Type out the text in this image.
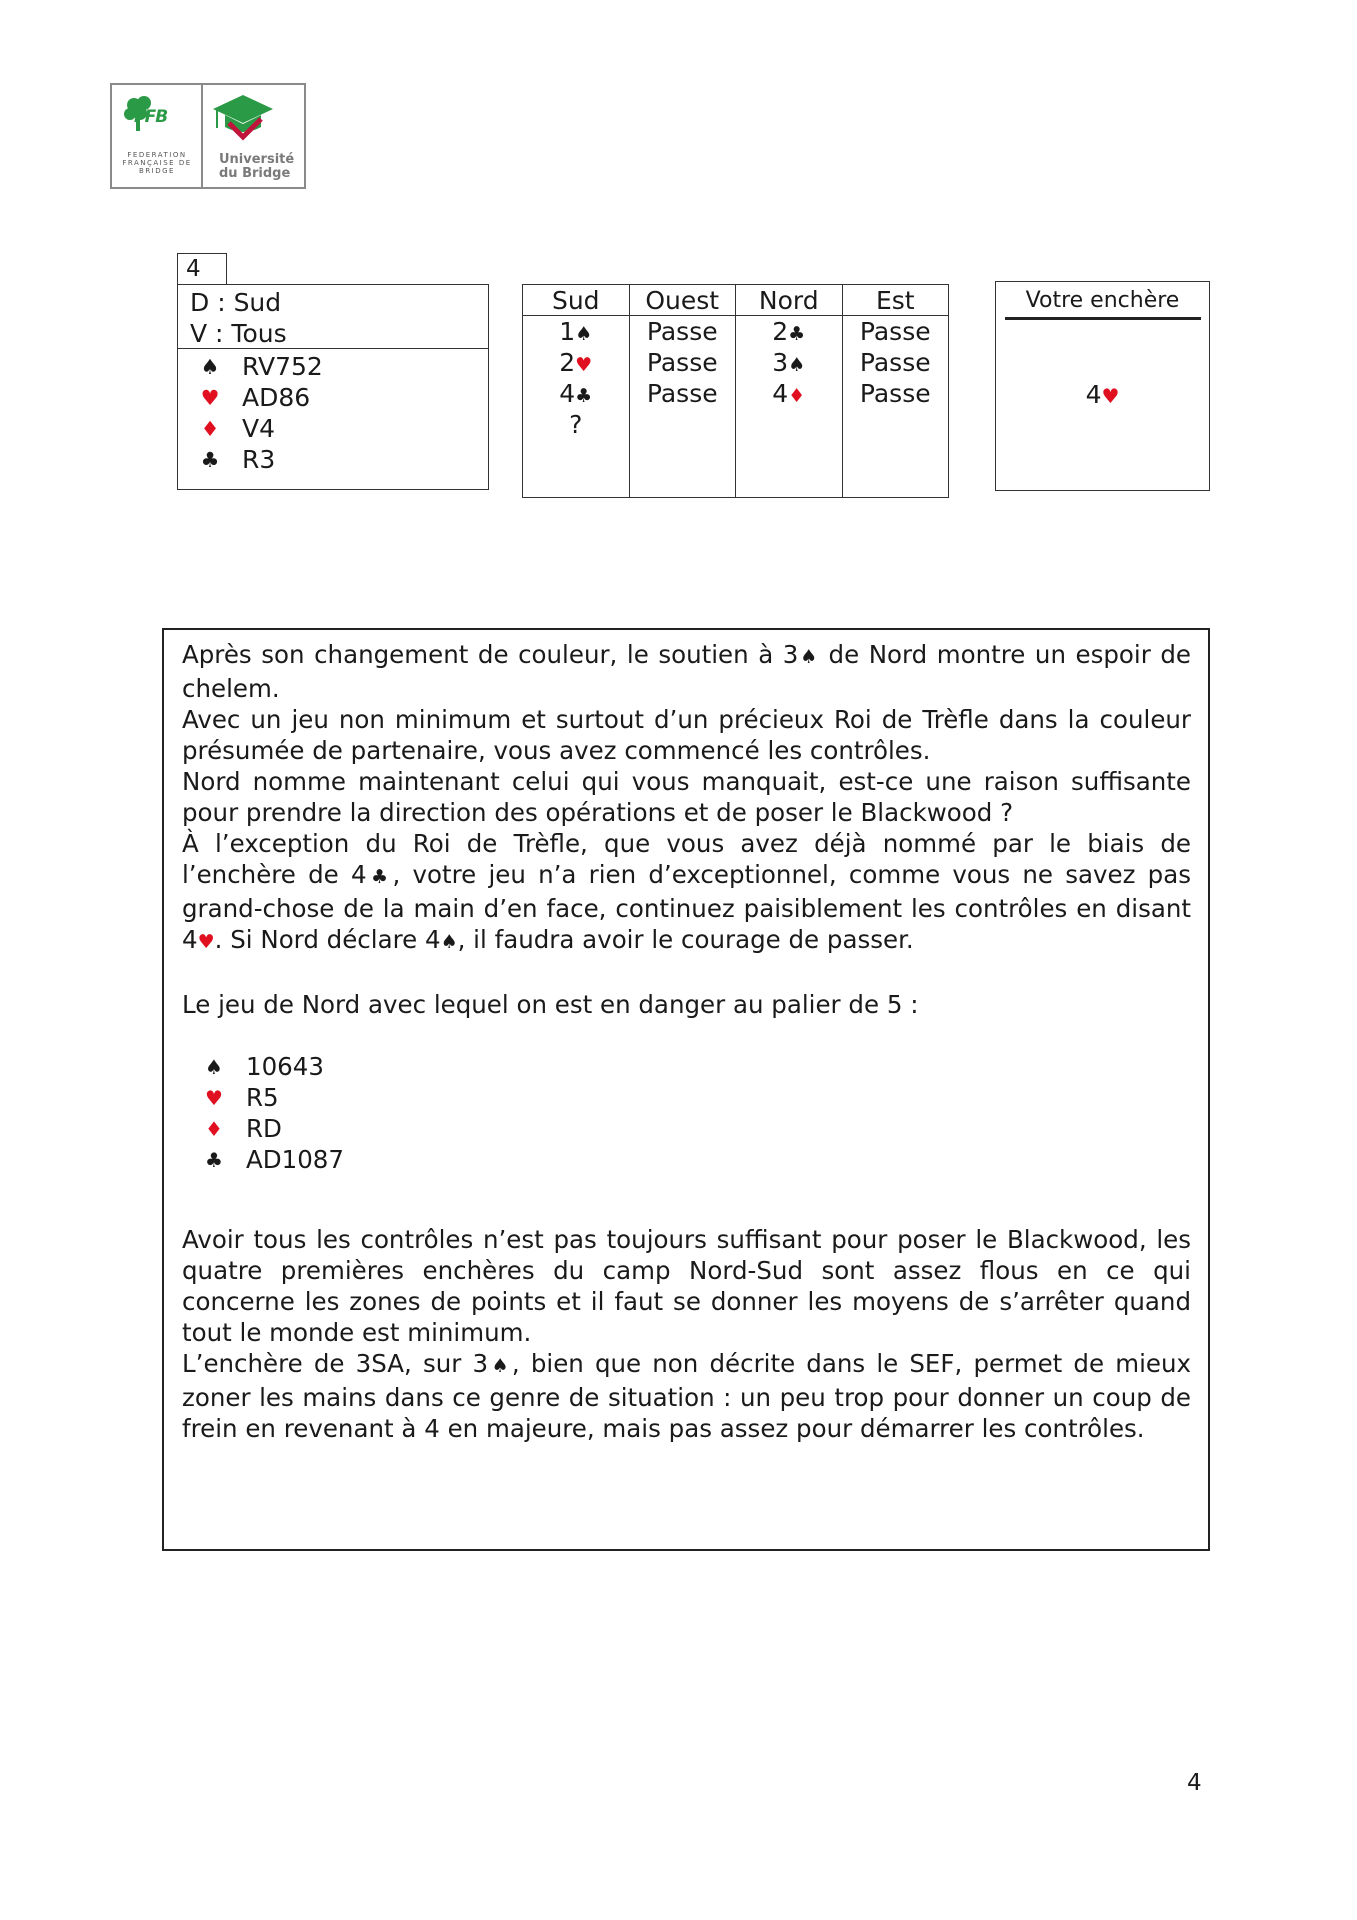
FFB
FEDERATION FRANÇAISE DE BRIDGE
Université
du Bridge
4
D : Sud
V : Tous
♠ RV752
♥ AD86
♦ V4
♣ R3
Sud
1♠
2♥
4♣
?
Ouest
Passe
Passe
Passe
Nord
2♣
3♠
4♦
Est
Passe
Passe
Passe
Votre enchère
4♥
Après son changement de couleur, le soutien à 3♠ de Nord montre un espoir de chelem.
Avec un jeu non minimum et surtout d’un précieux Roi de Trèfle dans la couleur présumée de partenaire, vous avez commencé les contrôles.
Nord nomme maintenant celui qui vous manquait, est-ce une raison suffisante pour prendre la direction des opérations et de poser le Blackwood ?
À l’exception du Roi de Trèfle, que vous avez déjà nommé par le biais de l’enchère de 4♣, votre jeu n’a rien d’exceptionnel, comme vous ne savez pas grand-chose de la main d’en face, continuez paisiblement les contrôles en disant 4♥. Si Nord déclare 4♠, il faudra avoir le courage de passer.
Le jeu de Nord avec lequel on est en danger au palier de 5 :
♠ 10643
♥ R5
♦ RD
♣ AD1087
Avoir tous les contrôles n’est pas toujours suffisant pour poser le Blackwood, les quatre premières enchères du camp Nord-Sud sont assez flous en ce qui concerne les zones de points et il faut se donner les moyens de s’arrêter quand tout le monde est minimum.
L’enchère de 3SA, sur 3♠, bien que non décrite dans le SEF, permet de mieux zoner les mains dans ce genre de situation : un peu trop pour donner un coup de frein en revenant à 4 en majeure, mais pas assez pour démarrer les contrôles.
4
